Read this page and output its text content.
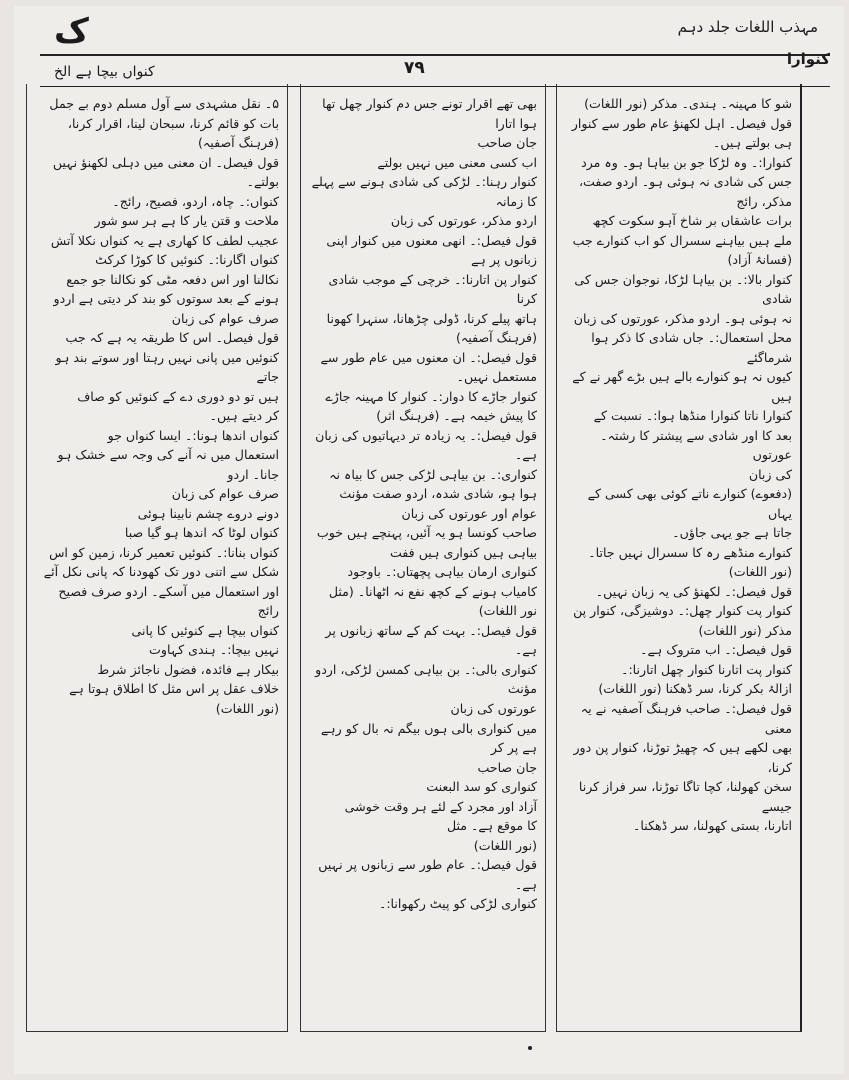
ک	مہذب اللغات جلد دہم
کنوارا
۷۹
کنواں بیچا ہے الخ

۵۔ نقل مشہدی سے آول مسلم دوم بے جمل
بات کو قائم کرنا، سبحان لینا، اقرار کرنا،
(فرہنگ آصفیہ)
قول فیصل۔ ان معنی میں دہلی لکھنؤ نہیں
بولتے۔
کنواں:۔ چاہ، اردو، فصیح، رائج۔
ملاحت و قتن یار کا ہے ہر سو شور
عجیب لطف کا کھاری ہے یہ کنواں نکلا آتش
کنواں اگارنا:۔ کنوئیں کا کوڑا کرکٹ
نکالنا اور اس دفعہ مٹی کو نکالنا جو جمع
ہونے کے بعد سوتوں کو بند کر دیتی ہے اردو
صرف عوام کی زبان
قول فیصل۔ اس کا طریقہ یہ ہے کہ جب
کنوئیں میں پانی نہیں رہتا اور سوتے بند ہو جاتے
ہیں تو دو دوری دے کے کنوئیں کو صاف
کر دیتے ہیں۔
کنواں اندھا ہونا:۔ ایسا کنواں جو
استعمال میں نہ آنے کی وجہ سے خشک ہو جانا۔ اردو
صرف عوام کی زبان
دونے دروے چشم نابینا ہوئی
کنواں لوٹا کہ اندھا ہو گیا صبا
کنواں بنانا:۔ کنوئیں تعمیر کرنا، زمین کو اس
شکل سے اتنی دور تک کھودنا کہ پانی نکل آئے
اور استعمال میں آسکے۔ اردو صرف فصیح رائج
کنواں بیچا ہے کنوئیں کا پانی
نہیں بیچا:۔ ہندی کہاوت
بیکار ہے فائدہ، فضول ناجائز شرط
خلاف عقل پر اس مثل کا اطلاق ہوتا ہے
(نور اللغات)

بھی تھے اقرار تونے جس دم کنوار چھل تھا ہوا اتارا
جان صاحب
اب کسی معنی میں نہیں بولتے
کنوار رہنا:۔ لڑکی کی شادی ہونے سے پہلے کا زمانہ
اردو مذکر، عورتوں کی زبان
قول فیصل:۔ انھی معنوں میں کنوار اپنی زبانوں پر ہے
کنوار پن اتارنا:۔ خرچی کے موجب شادی کرنا
ہاتھ پیلے کرنا، ڈولی چڑھانا، سنہرا کھونا (فرہنگ آصفیہ)
قول فیصل:۔ ان معنوں میں عام طور سے مستعمل نہیں۔
کنوار جاڑے کا دوار:۔ کنوار کا مہینہ جاڑے
کا پیش خیمہ ہے۔ (فرہنگ اثر)
قول فیصل:۔ یہ زیادہ تر دیہاتیوں کی زبان ہے۔
کنواری:۔ بن بیاہی لڑکی جس کا بیاہ نہ ہوا ہو، شادی شدہ، اردو صفت مؤنث
عوام اور عورتوں کی زبان
صاحب کونسا ہو یہ آئیں، پہنچے ہیں خوب بیاہی ہیں کنواری ہیں ففت
کنواری ارمان بیاہی پچھتاں:۔ باوجود
کامیاب ہونے کے کچھ نفع نہ اٹھانا۔ (مثل نور اللغات)
قول فیصل:۔ بہت کم کے ساتھ زبانوں پر ہے۔
کنواری بالی:۔ بن بیاہی کمسن لڑکی، اردو مؤنث
عورتوں کی زبان
میں کنواری بالی ہوں بیگم نہ بال کو رہے ہے پر کر
جان صاحب
کنواری کو سد البعنت
آزاد اور مجرد کے لئے ہر وقت خوشی
کا موقع ہے۔ مثل
(نور اللغات)
قول فیصل:۔ عام طور سے زبانوں پر نہیں
ہے۔
کنواری لڑکی کو پیٹ رکھوانا:۔

شو کا مہینہ۔ ہندی۔ مذکر (نور اللغات)
قول فیصل۔ اہل لکھنؤ عام طور سے کنوار
ہی بولتے ہیں۔
کنوارا:۔ وہ لڑکا جو بن بیاہا ہو۔ وہ مرد
جس کی شادی نہ ہوئی ہو۔ اردو صفت، مذکر، رائج
برات عاشقاں بر شاخ آہو سکوت کچھ
ملے ہیں بیاہنے سسرال کو اب کنوارے جب
(فسانۂ آزاد)
کنوار بالا:۔ بن بیاہا لڑکا، نوجوان جس کی شادی
نہ ہوئی ہو۔ اردو مذکر، عورتوں کی زبان
محل استعمال:۔ جاں شادی کا ذکر ہوا شرماگئے
کیوں نہ ہو کنوارے بالے ہیں بڑے گھر نے کے ہیں
کنوارا ناتا کنوارا منڈھا ہوا:۔ نسبت کے
بعد کا اور شادی سے پیشتر کا رشتہ۔ عورتوں
کی زبان
(دفعوے) کنوارے ناتے کوئی بھی کسی کے یہاں
جاتا ہے جو یہی جاؤں۔
کنوارے منڈھے رہ کا سسرال نہیں جاتا۔
(نور اللغات)
قول فیصل:۔ لکھنؤ کی یہ زبان نہیں۔
کنوار پت کنوار چھل:۔ دوشیزگی، کنوار پن
مذکر (نور اللغات)
قول فیصل:۔ اب متروک ہے۔
کنوار پت اتارنا کنوار چھل اتارنا:۔
ازالۂ بکر کرنا، سر ڈھکنا (نور اللغات)
قول فیصل:۔ صاحب فرہنگ آصفیہ نے یہ معنی
بھی لکھے ہیں کہ چھیڑ توڑنا، کنوار پن دور کرنا،
سخن کھولنا، کچا تاگا توڑنا، سر فراز کرنا جیسے
اتارنا، بستی کھولنا، سر ڈھکنا۔
